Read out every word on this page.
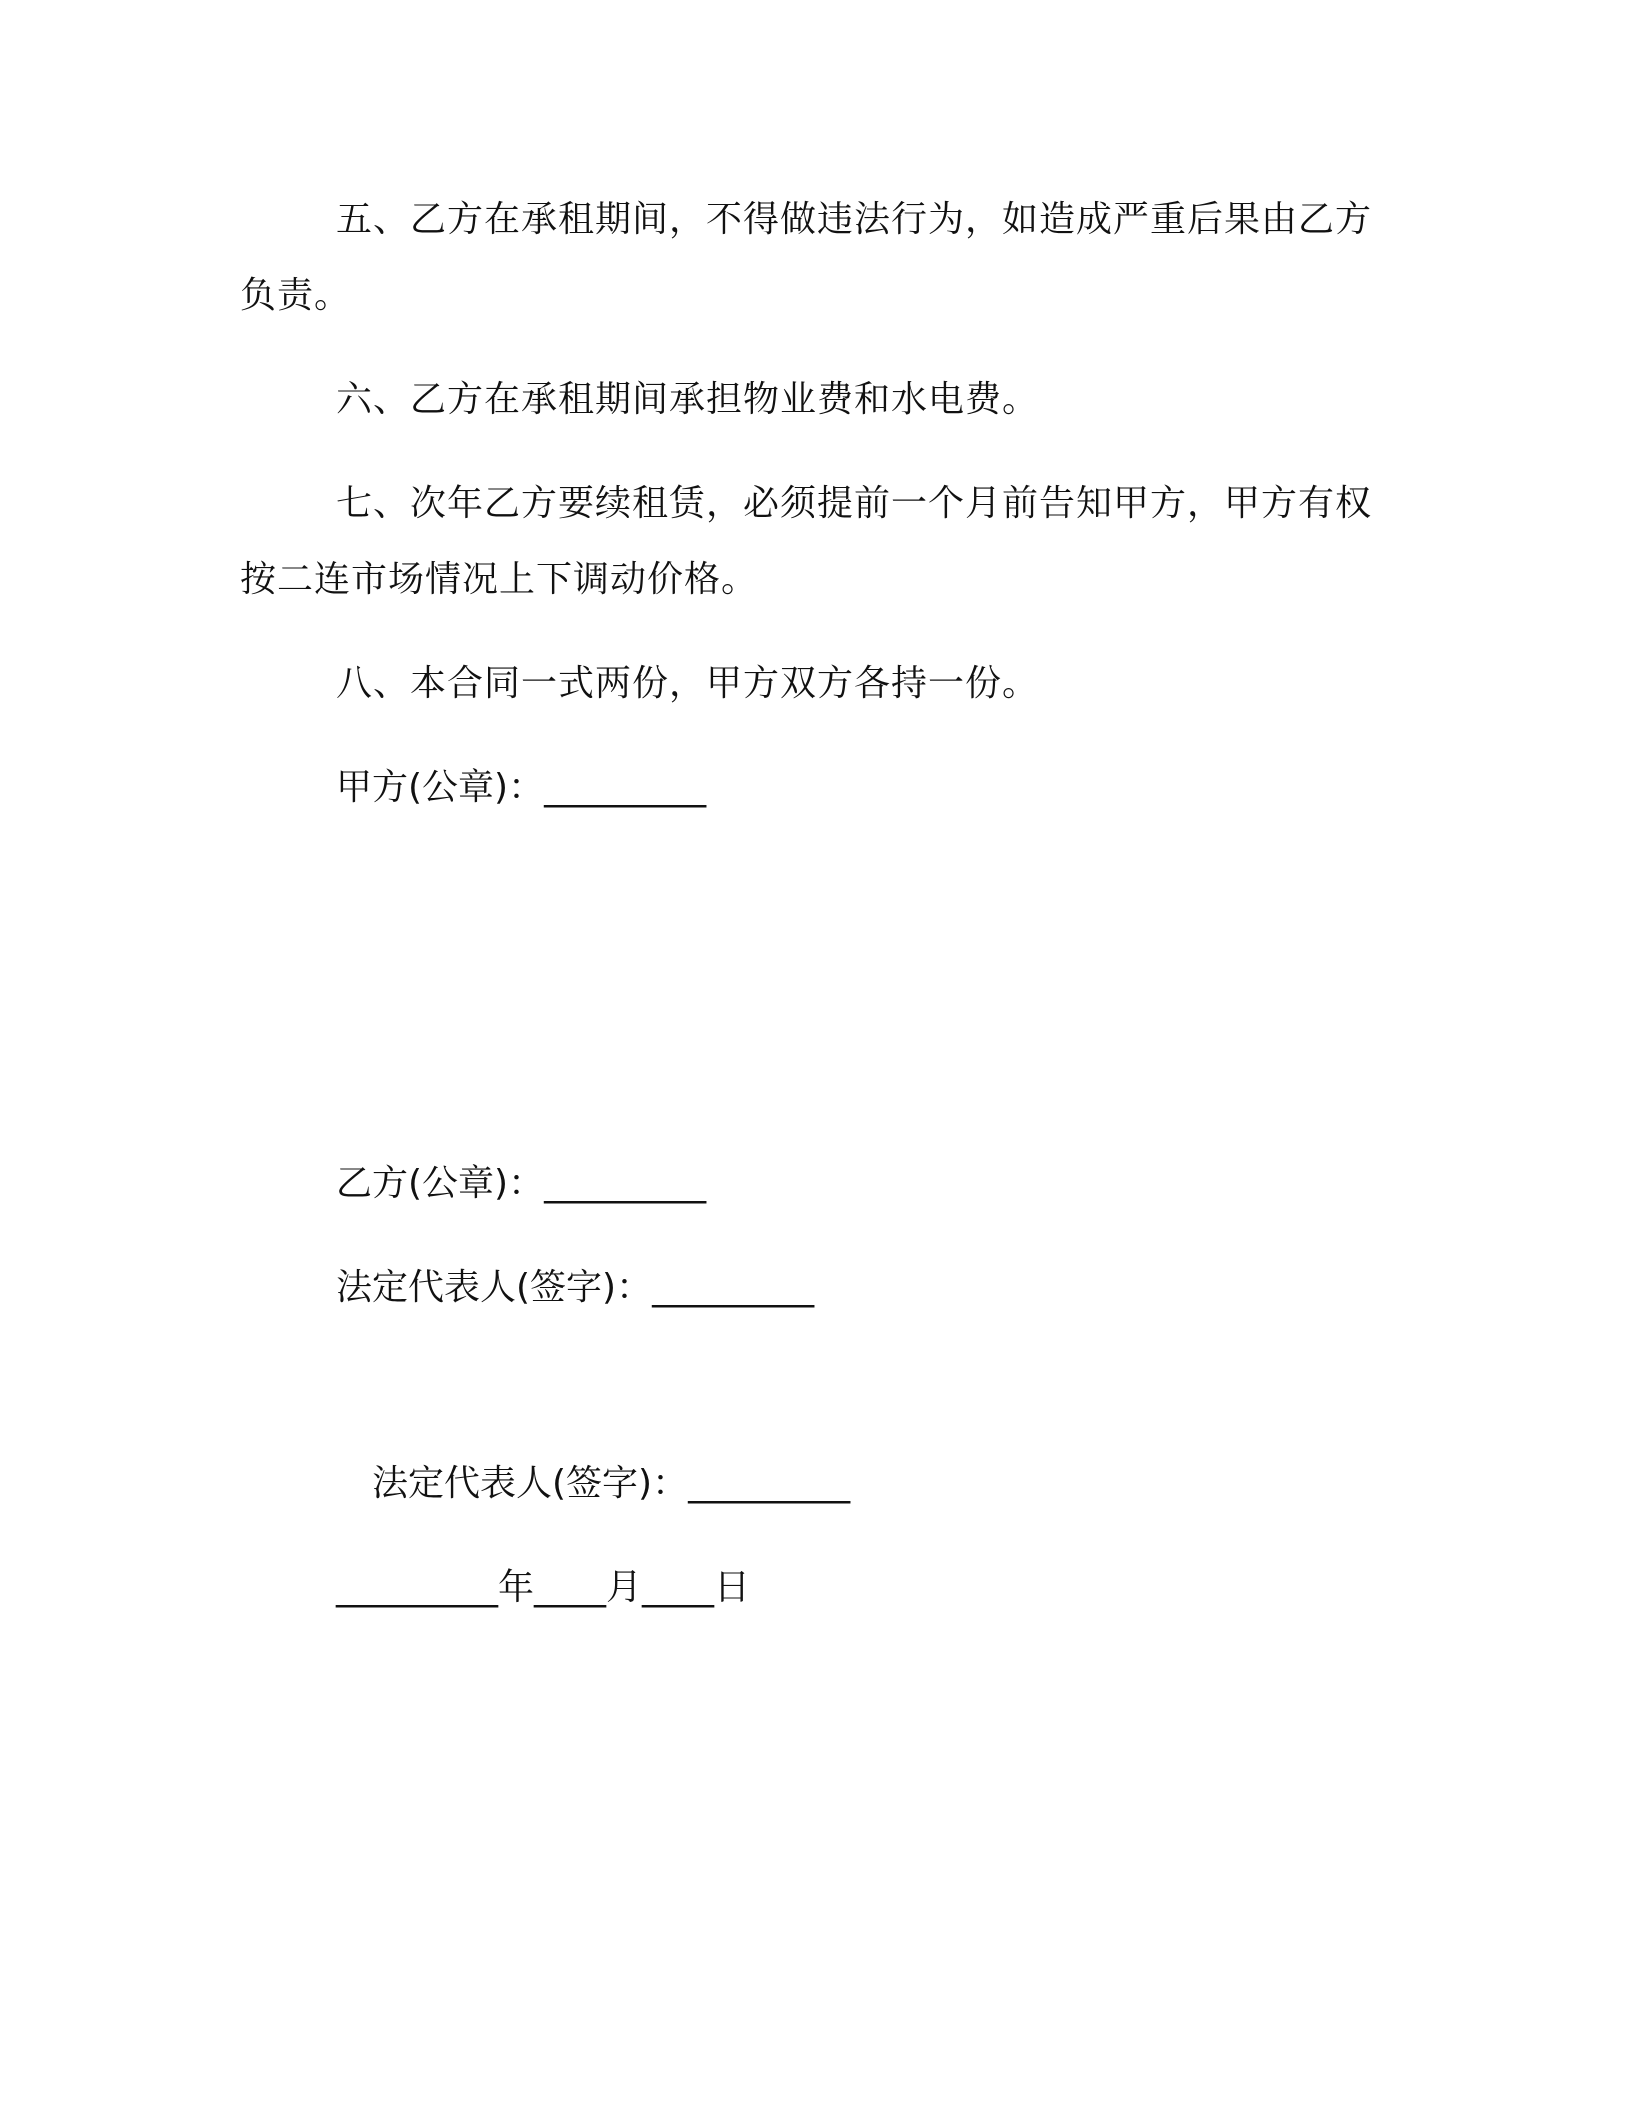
五、乙方在承租期间，不得做违法行为，如造成严重后果由乙方
负责。
六、乙方在承租期间承担物业费和水电费。
七、次年乙方要续租赁，必须提前一个月前告知甲方，甲方有权
按二连市场情况上下调动价格。
八、本合同一式两份，甲方双方各持一份。
甲方(公章)：_________
乙方(公章)：_________
法定代表人(签字)：_________
法定代表人(签字)：_________
_________年____月____日
